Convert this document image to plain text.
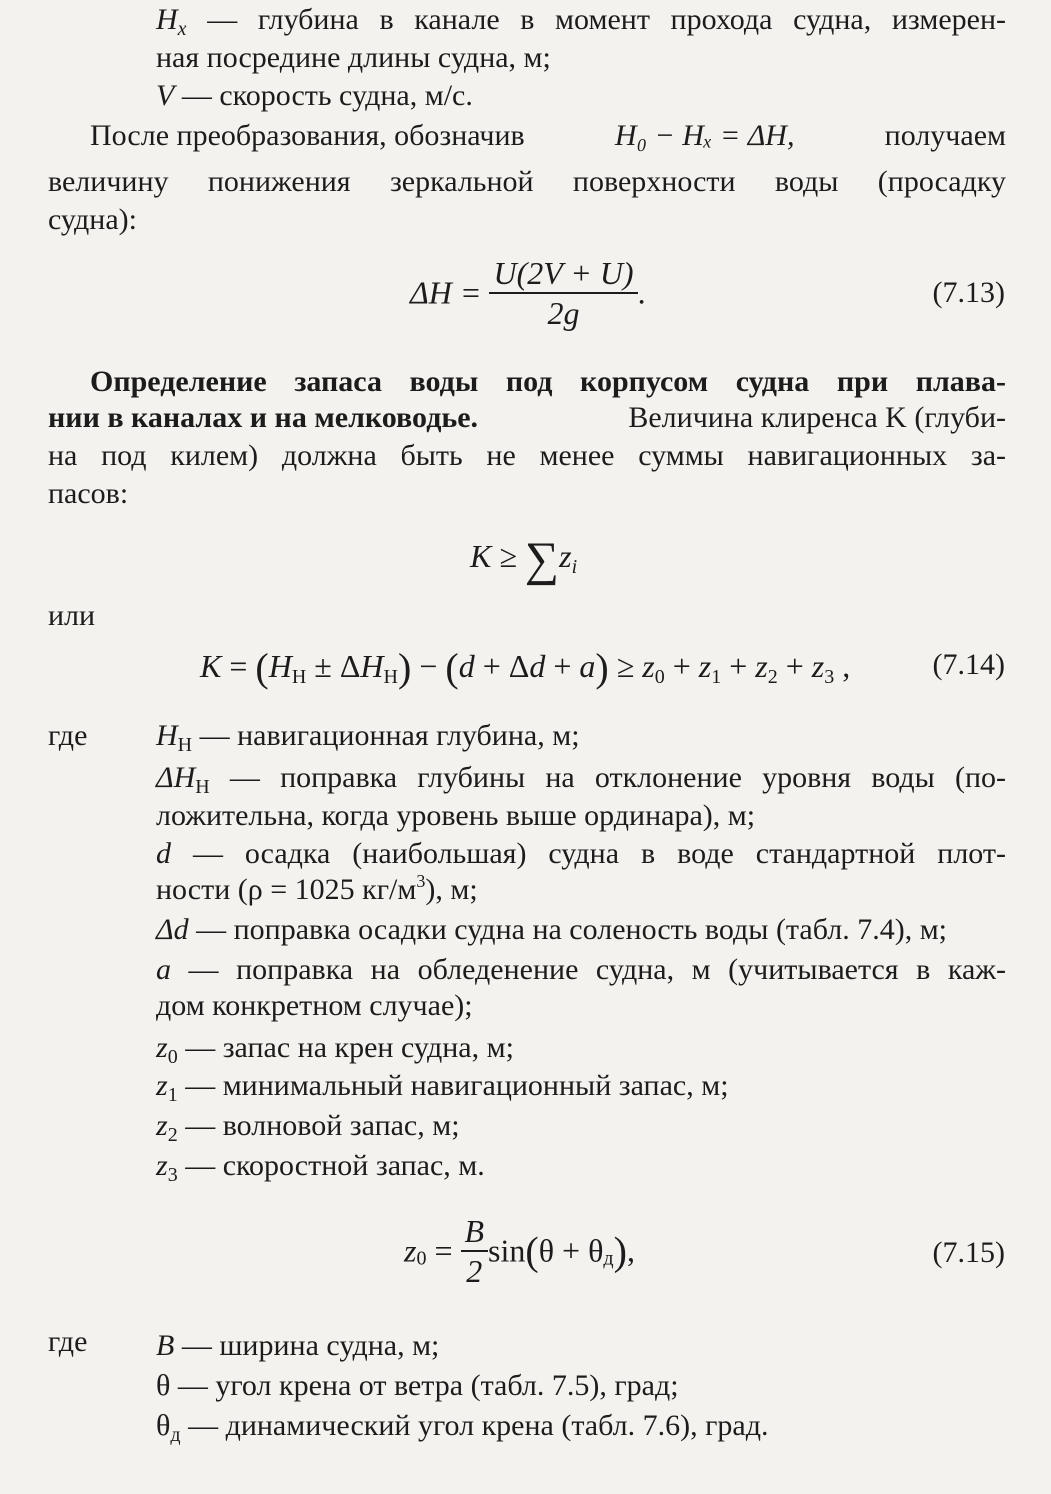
$H_x$ — глубина в канале в момент прохода судна, измерен-
ная посредине длины судна, м;
V — скорость судна, м/с.
После преобразования, обозначив	H₀ − Hₓ = ΔH,	получаем
величину понижения зеркальной поверхности воды (просадку
судна):
$\Delta H = \frac{U(2V + U)}{2g}$ .	(7.13)
Определение запаса воды под корпусом судна при плава-
нии в каналах и на мелководье.	Величина клиренса K (глуби-
на под килем) должна быть не менее суммы навигационных за-
пасов:
$K \ge \sum z_i$
или
$K = (H_Н \pm \Delta H_Н) - (d + \Delta d + a) \ge z_0 + z_1 + z_2 + z_3$ ,	(7.14)
где $H_Н$ — навигационная глубина, м;
$\Delta H_Н$ — поправка глубины на отклонение уровня воды (по-
ложительна, когда уровень выше ординара), м;
d — осадка (наибольшая) судна в воде стандартной плот-
ности (ρ = 1025 $кг/м^3$), м;
Δd — поправка осадки судна на соленость воды (табл. 7.4), м;
a — поправка на обледенение судна, м (учитывается в каж-
дом конкретном случае);
$z_0$ — запас на крен судна, м;
$z_1$ — минимальный навигационный запас, м;
$z_2$ — волновой запас, м;
$z_3$ — скоростной запас, м.
$z_0 = \frac{B}{2} \sin(\theta + \theta_д)$,	(7.15)
где B — ширина судна, м;
θ — угол крена от ветра (табл. 7.5), град;
$\theta_д$ — динамический угол крена (табл. 7.6), град.
